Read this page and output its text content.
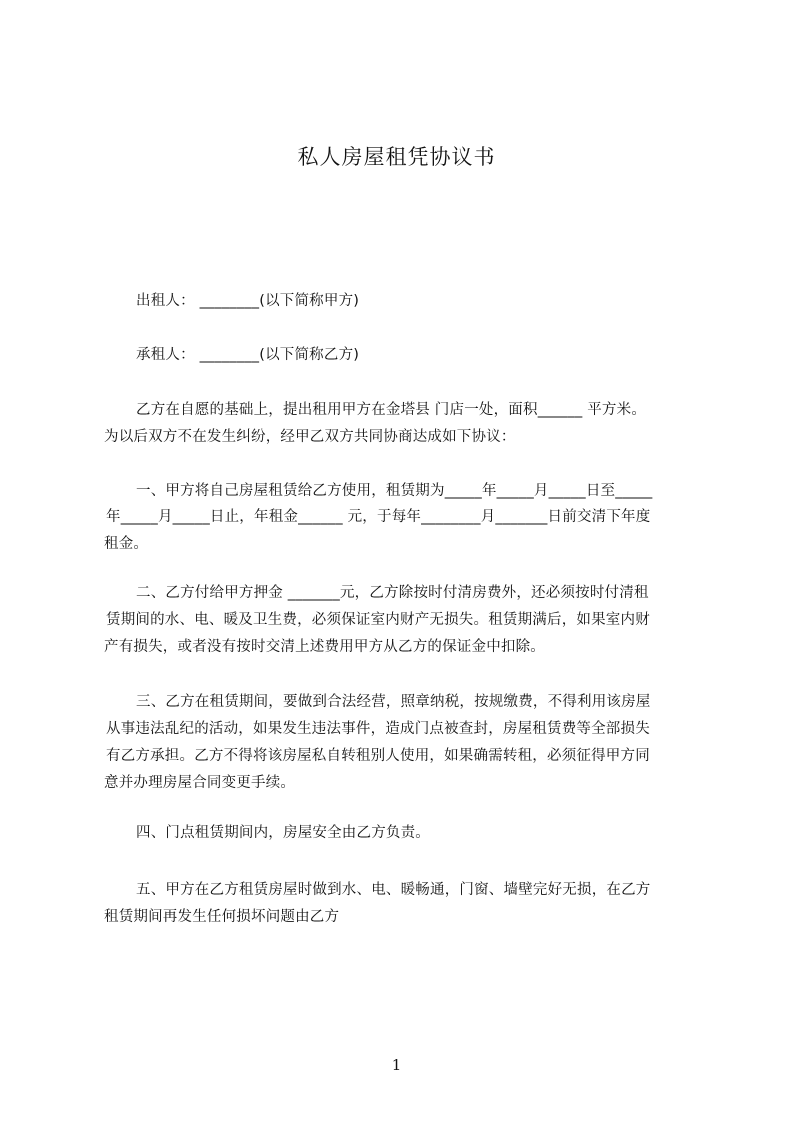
私人房屋租凭协议书
出租人： ________(以下简称甲方)
承租人： ________(以下简称乙方)
乙方在自愿的基础上，提出租用甲方在金塔县 门店一处，面积______ 平方米。
为以后双方不在发生纠纷，经甲乙双方共同协商达成如下协议：
一、甲方将自己房屋租赁给乙方使用，租赁期为_____年_____月_____日至_____
年_____月_____日止，年租金______ 元，于每年________月_______日前交清下年度
租金。
二、乙方付给甲方押金 _______元，乙方除按时付清房费外，还必须按时付清租
赁期间的水、电、暖及卫生费，必须保证室内财产无损失。租赁期满后，如果室内财
产有损失，或者没有按时交清上述费用甲方从乙方的保证金中扣除。
三、乙方在租赁期间，要做到合法经营，照章纳税，按规缴费，不得利用该房屋
从事违法乱纪的活动，如果发生违法事件，造成门点被查封，房屋租赁费等全部损失
有乙方承担。乙方不得将该房屋私自转租别人使用，如果确需转租，必须征得甲方同
意并办理房屋合同变更手续。
四、门点租赁期间内，房屋安全由乙方负责。
五、甲方在乙方租赁房屋时做到水、电、暖畅通，门窗、墙壁完好无损，在乙方
租赁期间再发生任何损坏问题由乙方
1
